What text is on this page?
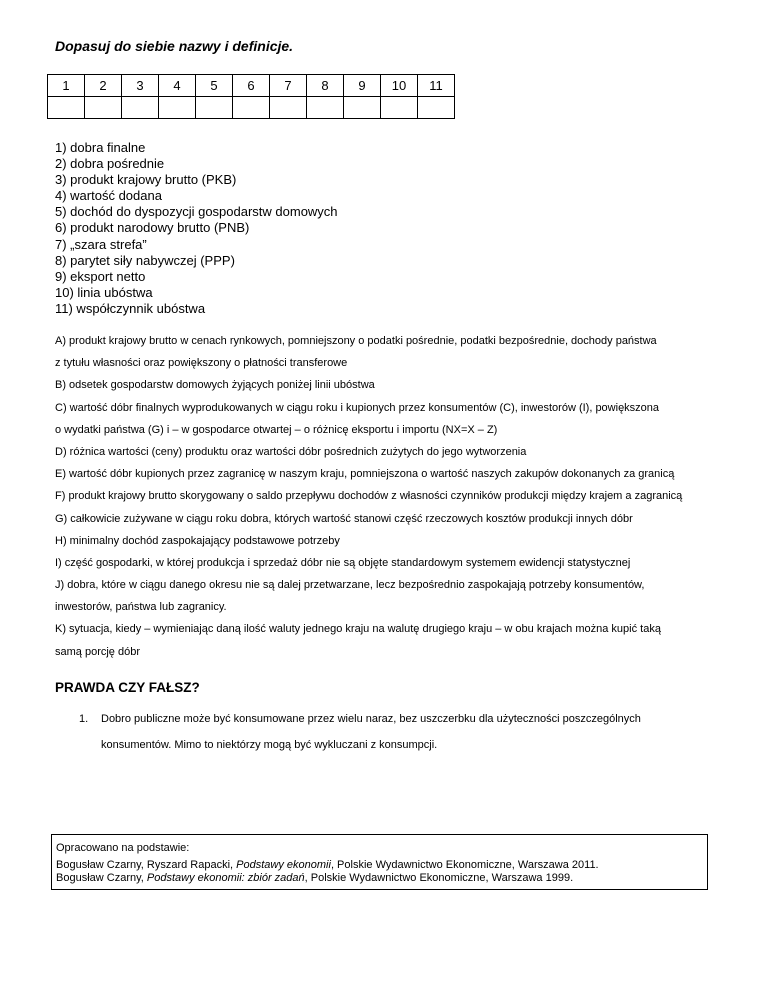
Dopasuj do siebie nazwy i definicje.
1	2	3	4	5	6	7	8	9	10	11

1) dobra finalne
2) dobra pośrednie
3) produkt krajowy brutto (PKB)
4) wartość dodana
5) dochód do dyspozycji gospodarstw domowych
6) produkt narodowy brutto (PNB)
7) „szara strefa”
8) parytet siły nabywczej (PPP)
9) eksport netto
10) linia ubóstwa
11) współczynnik ubóstwa
A) produkt krajowy brutto w cenach rynkowych, pomniejszony o podatki pośrednie, podatki bezpośrednie, dochody państwa
z tytułu własności oraz powiększony o płatności transferowe
B) odsetek gospodarstw domowych żyjących poniżej linii ubóstwa
C) wartość dóbr finalnych wyprodukowanych w ciągu roku i kupionych przez konsumentów (C), inwestorów (I), powiększona
o wydatki państwa (G) i – w gospodarce otwartej – o różnicę eksportu i importu (NX=X – Z)
D) różnica wartości (ceny) produktu oraz wartości dóbr pośrednich zużytych do jego wytworzenia
E) wartość dóbr kupionych przez zagranicę w naszym kraju, pomniejszona o wartość naszych zakupów dokonanych za granicą
F) produkt krajowy brutto skorygowany o saldo przepływu dochodów z własności czynników produkcji między krajem a zagranicą
G) całkowicie zużywane w ciągu roku dobra, których wartość stanowi część rzeczowych kosztów produkcji innych dóbr
H) minimalny dochód zaspokajający podstawowe potrzeby
I) część gospodarki, w której produkcja i sprzedaż dóbr nie są objęte standardowym systemem ewidencji statystycznej
J) dobra, które w ciągu danego okresu nie są dalej przetwarzane, lecz bezpośrednio zaspokajają potrzeby konsumentów,
inwestorów, państwa lub zagranicy.
K) sytuacja, kiedy – wymieniając daną ilość waluty jednego kraju na walutę drugiego kraju – w obu krajach można kupić taką
samą porcję dóbr
PRAWDA CZY FAŁSZ?
1. Dobro publiczne może być konsumowane przez wielu naraz, bez uszczerbku dla użyteczności poszczególnych
konsumentów. Mimo to niektórzy mogą być wykluczani z konsumpcji.
Opracowano na podstawie:
Bogusław Czarny, Ryszard Rapacki, Podstawy ekonomii, Polskie Wydawnictwo Ekonomiczne, Warszawa 2011.
Bogusław Czarny, Podstawy ekonomii: zbiór zadań, Polskie Wydawnictwo Ekonomiczne, Warszawa 1999.
